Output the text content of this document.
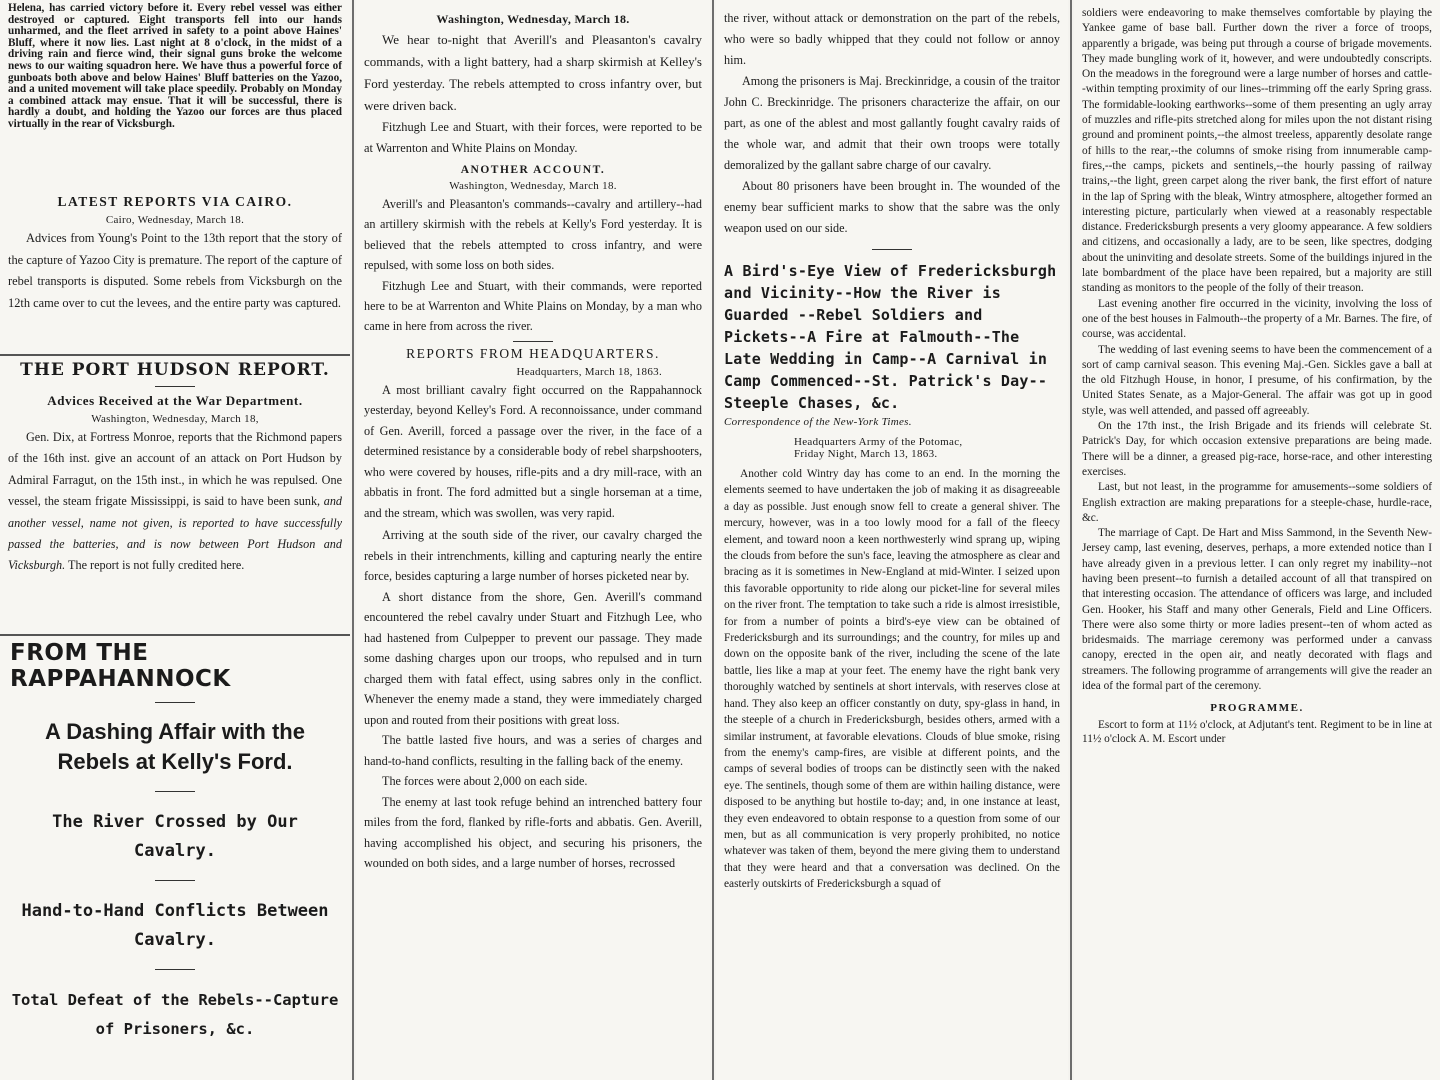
Helena, has carried victory before it. Every rebel vessel was either destroyed or captured. Eight transports fell into our hands unharmed, and the fleet arrived in safety to a point above Haines' Bluff, where it now lies. Last night at 8 o'clock, in the midst of a driving rain and fierce wind, their signal guns broke the welcome news to our waiting squadron here. We have thus a powerful force of gunboats both above and below Haines' Bluff batteries on the Yazoo, and a united movement will take place speedily. Probably on Monday a combined attack may ensue. That it will be successful, there is hardly a doubt, and holding the Yazoo our forces are thus placed virtually in the rear of Vicksburgh.

LATEST REPORTS VIA CAIRO.
Cairo, Wednesday, March 18.

Advices from Young's Point to the 13th report that the story of the capture of Yazoo City is premature. The report of the capture of rebel transports is disputed. Some rebels from Vicksburgh on the 12th came over to cut the levees, and the entire party was captured.

THE PORT HUDSON REPORT.
Advices Received at the War Department.
Washington, Wednesday, March 18,

Gen. Dix, at Fortress Monroe, reports that the Richmond papers of the 16th inst. give an account of an attack on Port Hudson by Admiral Farragut, on the 15th inst., in which he was repulsed. One vessel, the steam frigate Mississippi, is said to have been sunk, and another vessel, name not given, is reported to have successfully passed the batteries, and is now between Port Hudson and Vicksburgh. The report is not fully credited here.

FROM THE RAPPAHANNOCK
A Dashing Affair with the Rebels at Kelly's Ford.
The River Crossed by Our Cavalry.
Hand-to-Hand Conflicts Between Cavalry.
Total Defeat of the Rebels--Capture of Prisoners, &c.
Washington, Wednesday, March 18.

We hear to-night that Averill's and Pleasanton's cavalry commands, with a light battery, had a sharp skirmish at Kelley's Ford yesterday. The rebels attempted to cross infantry over, but were driven back.

Fitzhugh Lee and Stuart, with their forces, were reported to be at Warrenton and White Plains on Monday.

ANOTHER ACCOUNT.
Washington, Wednesday, March 18.

Averill's and Pleasanton's commands--cavalry and artillery--had an artillery skirmish with the rebels at Kelly's Ford yesterday. It is believed that the rebels attempted to cross infantry, and were repulsed, with some loss on both sides.

Fitzhugh Lee and Stuart, with their commands, were reported here to be at Warrenton and White Plains on Monday, by a man who came in here from across the river.

REPORTS FROM HEADQUARTERS.
Headquarters, March 18, 1863.

A most brilliant cavalry fight occurred on the Rappahannock yesterday, beyond Kelley's Ford. A reconnoissance, under command of Gen. Averill, forced a passage over the river, in the face of a determined resistance by a considerable body of rebel sharpshooters, who were covered by houses, rifle-pits and a dry mill-race, with an abbatis in front. The ford admitted but a single horseman at a time, and the stream, which was swollen, was very rapid.

Arriving at the south side of the river, our cavalry charged the rebels in their intrenchments, killing and capturing nearly the entire force, besides capturing a large number of horses picketed near by.

A short distance from the shore, Gen. Averill's command encountered the rebel cavalry under Stuart and Fitzhugh Lee, who had hastened from Culpepper to prevent our passage. They made some dashing charges upon our troops, who repulsed and in turn charged them with fatal effect, using sabres only in the conflict. Whenever the enemy made a stand, they were immediately charged upon and routed from their positions with great loss.

The battle lasted five hours, and was a series of charges and hand-to-hand conflicts, resulting in the falling back of the enemy.

The forces were about 2,000 on each side.

The enemy at last took refuge behind an intrenched battery four miles from the ford, flanked by rifle-forts and abbatis. Gen. Averill, having accomplished his object, and securing his prisoners, the wounded on both sides, and a large number of horses, recrossed

the river, without attack or demonstration on the part of the rebels, who were so badly whipped that they could not follow or annoy him.

Among the prisoners is Maj. Breckinridge, a cousin of the traitor John C. Breckinridge. The prisoners characterize the affair, on our part, as one of the ablest and most gallantly fought cavalry raids of the whole war, and admit that their own troops were totally demoralized by the gallant sabre charge of our cavalry.

About 80 prisoners have been brought in. The wounded of the enemy bear sufficient marks to show that the sabre was the only weapon used on our side.

A Bird's-Eye View of Fredericksburgh and Vicinity--How the River is Guarded --Rebel Soldiers and Pickets--A Fire at Falmouth--The Late Wedding in Camp--A Carnival in Camp Commenced--St. Patrick's Day--Steeple Chases, &c.
Correspondence of the New-York Times.
Headquarters Army of the Potomac,
Friday Night, March 13, 1863.

Another cold Wintry day has come to an end. In the morning the elements seemed to have undertaken the job of making it as disagreeable a day as possible. Just enough snow fell to create a general shiver. The mercury, however, was in a too lowly mood for a fall of the fleecy element, and toward noon a keen northwesterly wind sprang up, wiping the clouds from before the sun's face, leaving the atmosphere as clear and bracing as it is sometimes in New-England at mid-Winter. I seized upon this favorable opportunity to ride along our picket-line for several miles on the river front. The temptation to take such a ride is almost irresistible, for from a number of points a bird's-eye view can be obtained of Fredericksburgh and its surroundings; and the country, for miles up and down on the opposite bank of the river, including the scene of the late battle, lies like a map at your feet. The enemy have the right bank very thoroughly watched by sentinels at short intervals, with reserves close at hand. They also keep an officer constantly on duty, spy-glass in hand, in the steeple of a church in Fredericksburgh, besides others, armed with a similar instrument, at favorable elevations. Clouds of blue smoke, rising from the enemy's camp-fires, are visible at different points, and the camps of several bodies of troops can be distinctly seen with the naked eye. The sentinels, though some of them are within hailing distance, were disposed to be anything but hostile to-day; and, in one instance at least, they even endeavored to obtain response to a question from some of our men, but as all communication is very properly prohibited, no notice whatever was taken of them, beyond the mere giving them to understand that they were heard and that a conversation was declined. On the easterly outskirts of Fredericksburgh a squad of

soldiers were endeavoring to make themselves comfortable by playing the Yankee game of base ball. Further down the river a force of troops, apparently a brigade, was being put through a course of brigade movements. They made bungling work of it, however, and were undoubtedly conscripts. On the meadows in the foreground were a large number of horses and cattle--within tempting proximity of our lines--trimming off the early Spring grass. The formidable-looking earthworks--some of them presenting an ugly array of muzzles and rifle-pits stretched along for miles upon the not distant rising ground and prominent points,--the almost treeless, apparently desolate range of hills to the rear,--the columns of smoke rising from innumerable camp-fires,--the camps, pickets and sentinels,--the hourly passing of railway trains,--the light, green carpet along the river bank, the first effort of nature in the lap of Spring with the bleak, Wintry atmosphere, altogether formed an interesting picture, particularly when viewed at a reasonably respectable distance. Fredericksburgh presents a very gloomy appearance. A few soldiers and citizens, and occasionally a lady, are to be seen, like spectres, dodging about the uninviting and desolate streets. Some of the buildings injured in the late bombardment of the place have been repaired, but a majority are still standing as monitors to the people of the folly of their treason.

Last evening another fire occurred in the vicinity, involving the loss of one of the best houses in Falmouth--the property of a Mr. Barnes. The fire, of course, was accidental.

The wedding of last evening seems to have been the commencement of a sort of camp carnival season. This evening Maj.-Gen. Sickles gave a ball at the old Fitzhugh House, in honor, I presume, of his confirmation, by the United States Senate, as a Major-General. The affair was got up in good style, was well attended, and passed off agreeably.

On the 17th inst., the Irish Brigade and its friends will celebrate St. Patrick's Day, for which occasion extensive preparations are being made. There will be a dinner, a greased pig-race, horse-race, and other interesting exercises.

Last, but not least, in the programme for amusements--some soldiers of English extraction are making preparations for a steeple-chase, hurdle-race, &c.

The marriage of Capt. De Hart and Miss Sammond, in the Seventh New-Jersey camp, last evening, deserves, perhaps, a more extended notice than I have already given in a previous letter. I can only regret my inability--not having been present--to furnish a detailed account of all that transpired on that interesting occasion. The attendance of officers was large, and included Gen. Hooker, his Staff and many other Generals, Field and Line Officers. There were also some thirty or more ladies present--ten of whom acted as bridesmaids. The marriage ceremony was performed under a canvass canopy, erected in the open air, and neatly decorated with flags and streamers. The following programme of arrangements will give the reader an idea of the formal part of the ceremony.

PROGRAMME.

Escort to form at 11½ o'clock, at Adjutant's tent. Regiment to be in line at 11½ o'clock A. M. Escort under
